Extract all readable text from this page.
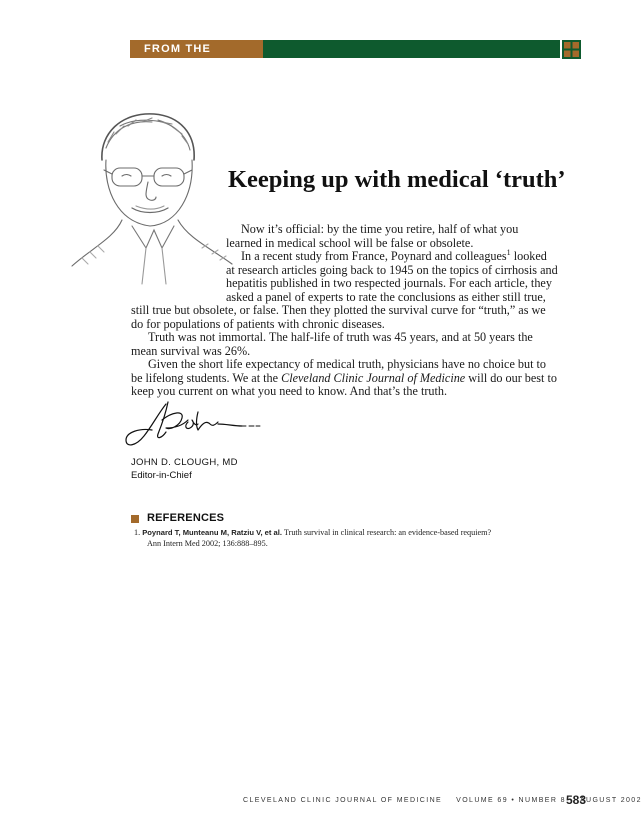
FROM THE EDITOR
Keeping up with medical ‘truth’
Now it’s official: by the time you retire, half of what you
learned in medical school will be false or obsolete.
In a recent study from France, Poynard and colleagues$^1$ looked
at research articles going back to 1945 on the topics of cirrhosis and
hepatitis published in two respected journals. For each article, they
asked a panel of experts to rate the conclusions as either still true,
still true but obsolete, or false. Then they plotted the survival curve for “truth,” as we
do for populations of patients with chronic diseases.
Truth was not immortal. The half-life of truth was 45 years, and at 50 years the
mean survival was 26%.
Given the short life expectancy of medical truth, physicians have no choice but to
be lifelong students. We at the Cleveland Clinic Journal of Medicine will do our best to
keep you current on what you need to know. And that’s the truth.
JOHN D. CLOUGH, MD
Editor-in-Chief
REFERENCES
1. Poynard T, Munteanu M, Ratziu V, et al. Truth survival in clinical research: an evidence-based requiem?
Ann Intern Med 2002; 136:888–895.
CLEVELAND CLINIC JOURNAL OF MEDICINE VOLUME 69 • NUMBER 8 AUGUST 2002
583
